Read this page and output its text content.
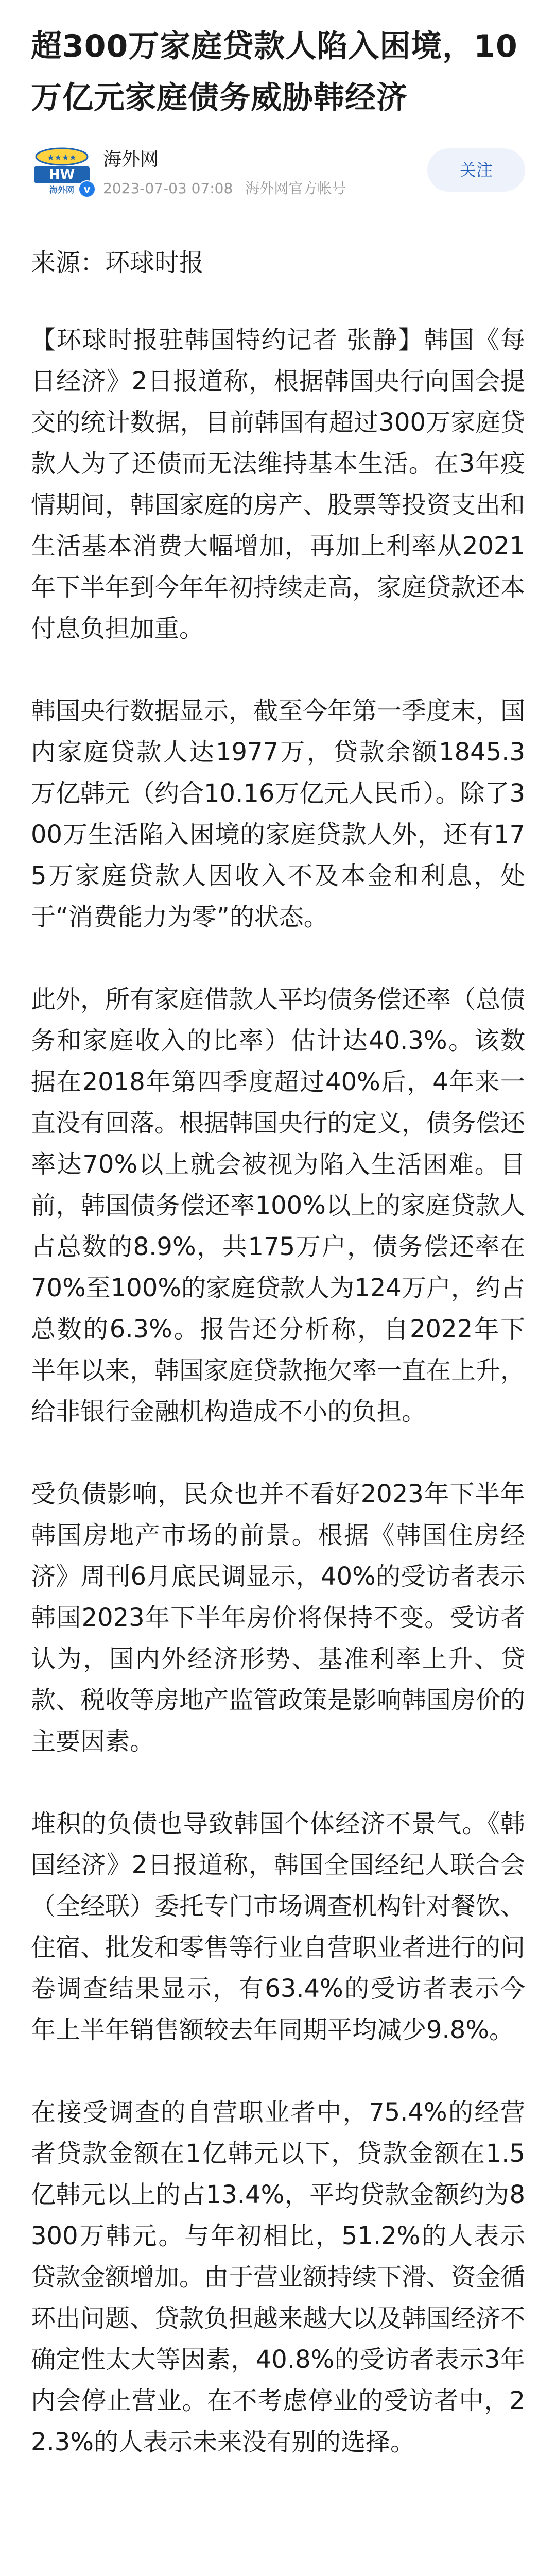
超300万家庭贷款人陷入困境，10万亿元家庭债务威胁韩经济
★★★★
HW
海外网 v
海外网
2023-07-03 07:08 海外网官方帐号
关注

来源：环球时报

【环球时报驻韩国特约记者 张静】韩国《每日经济》2日报道称，根据韩国央行向国会提交的统计数据，目前韩国有超过300万家庭贷款人为了还债而无法维持基本生活。在3年疫情期间，韩国家庭的房产、股票等投资支出和生活基本消费大幅增加，再加上利率从2021年下半年到今年年初持续走高，家庭贷款还本付息负担加重。

韩国央行数据显示，截至今年第一季度末，国内家庭贷款人达1977万，贷款余额1845.3万亿韩元（约合10.16万亿元人民币）。除了300万生活陷入困境的家庭贷款人外，还有175万家庭贷款人因收入不及本金和利息，处于“消费能力为零”的状态。

此外，所有家庭借款人平均债务偿还率（总债务和家庭收入的比率）估计达40.3%。该数据在2018年第四季度超过40%后，4年来一直没有回落。根据韩国央行的定义，债务偿还率达70%以上就会被视为陷入生活困难。目前，韩国债务偿还率100%以上的家庭贷款人占总数的8.9%，共175万户，债务偿还率在70%至100%的家庭贷款人为124万户，约占总数的6.3%。报告还分析称，自2022年下半年以来，韩国家庭贷款拖欠率一直在上升，给非银行金融机构造成不小的负担。

受负债影响，民众也并不看好2023年下半年韩国房地产市场的前景。根据《韩国住房经济》周刊6月底民调显示，40%的受访者表示韩国2023年下半年房价将保持不变。受访者认为，国内外经济形势、基准利率上升、贷款、税收等房地产监管政策是影响韩国房价的主要因素。

堆积的负债也导致韩国个体经济不景气。《韩国经济》2日报道称，韩国全国经纪人联合会（全经联）委托专门市场调查机构针对餐饮、住宿、批发和零售等行业自营职业者进行的问卷调查结果显示，有63.4%的受访者表示今年上半年销售额较去年同期平均减少9.8%。

在接受调查的自营职业者中，75.4%的经营者贷款金额在1亿韩元以下，贷款金额在1.5亿韩元以上的占13.4%，平均贷款金额约为8300万韩元。与年初相比，51.2%的人表示贷款金额增加。由于营业额持续下滑、资金循环出问题、贷款负担越来越大以及韩国经济不确定性太大等因素，40.8%的受访者表示3年内会停止营业。在不考虑停业的受访者中，22.3%的人表示未来没有别的选择。
